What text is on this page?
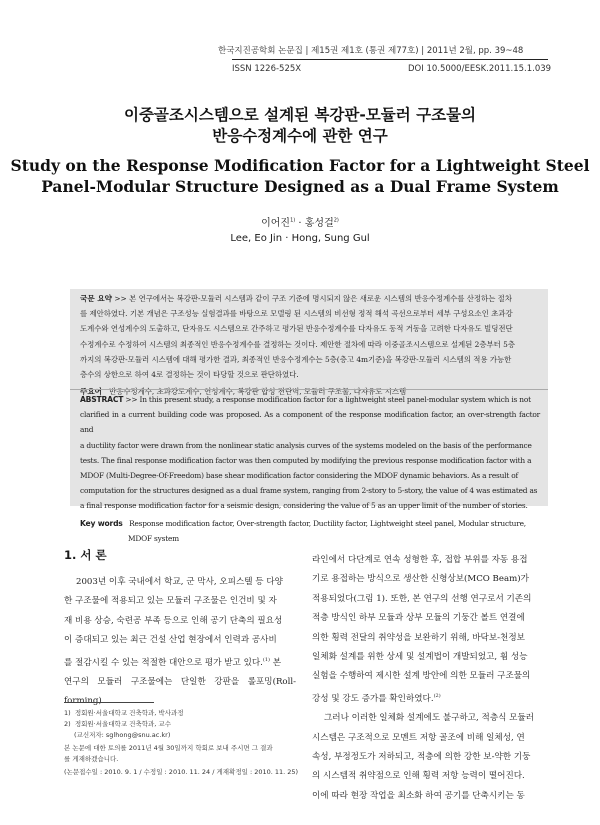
한국지진공학회 논문집 | 제15권 제1호 (통권 제77호) | 2011년 2월, pp. 39~48
ISSN 1226-525X	DOI 10.5000/EESK.2011.15.1.039
이중골조시스템으로 설계된 복강판-모듈러 구조물의
반응수정계수에 관한 연구
Study on the Response Modification Factor for a Lightweight Steel
Panel-Modular Structure Designed as a Dual Frame System
이어진$^{1)}$ · 홍성걸$^{2)}$
Lee, Eo Jin · Hong, Sung Gul
국문 요약 >> 본 연구에서는 복강판-모듈러 시스템과 같이 구조 기준에 명시되지 않은 새로운 시스템의 반응수정계수를 산정하는 절차
를 제안하였다. 기본 개념은 구조성능 실험결과를 바탕으로 모델링 된 시스템의 비선형 정적 해석 곡선으로부터 세부 구성요소인 초과강
도계수와 연성계수의 도출하고, 단자유도 시스템으로 간주하고 평가된 반응수정계수를 다자유도 동적 거동을 고려한 다자유도 빌딩전단
수정계수로 수정하여 시스템의 최종적인 반응수정계수를 결정하는 것이다. 제안한 절차에 따라 이중골조시스템으로 설계된 2층부터 5층
까지의 복강판-모듈러 시스템에 대해 평가한 결과, 최종적인 반응수정계수는 5층(층고 4m기준)을 복강판-모듈러 시스템의 적용 가능한
층수의 상한으로 하여 4로 결정하는 것이 타당할 것으로 판단하였다.
주요어 반응수정계수, 초과강도계수, 연성계수, 복강판 합성 전단벽, 모듈러 구조물, 다자유도 시스템
ABSTRACT >> In this present study, a response modification factor for a lightweight steel panel-modular system which is not
clarified in a current building code was proposed. As a component of the response modification factor, an over-strength factor and
a ductility factor were drawn from the nonlinear static analysis curves of the systems modeled on the basis of the performance
tests. The final response modification factor was then computed by modifying the previous response modification factor with a
MDOF (Multi-Degree-Of-Freedom) base shear modification factor considering the MDOF dynamic behaviors. As a result of
computation for the structures designed as a dual frame system, ranging from 2-story to 5-story, the value of 4 was estimated as
a final response modification factor for a seismic design, considering the value of 5 as an upper limit of the number of stories.
Key words Response modification factor, Over-strength factor, Ductility factor, Lightweight steel panel, Modular structure,
MDOF system
1. 서 론
2003년 이후 국내에서 학교, 군 막사, 오피스텔 등 다양
한 구조물에 적용되고 있는 모듈러 구조물은 인건비 및 자
재 비용 상승, 숙련공 부족 등으로 인해 공기 단축의 필요성
이 증대되고 있는 최근 건설 산업 현장에서 인력과 공사비
를 절감시킬 수 있는 적절한 대안으로 평가 받고 있다.$^{(1)}$ 본
연구의 모듈러 구조물에는 단일한 강판을 롤포밍(Roll-forming)
1) 정회원·서울대학교 건축학과, 박사과정
2) 정회원·서울대학교 건축학과, 교수
(교신저자: sglhong@snu.ac.kr)
본 논문에 대한 토의를 2011년 4월 30일까지 학회로 보내 주시면 그 결과
를 게재하겠습니다.
(논문접수일 : 2010. 9. 1 / 수정일 : 2010. 11. 24 / 게재확정일 : 2010. 11. 25)
라인에서 다단계로 연속 성형한 후, 접합 부위를 자동 용접
기로 용접하는 방식으로 생산한 신형상보(MCO Beam)가
적용되었다(그림 1). 또한, 본 연구의 선행 연구로서 기존의
적층 방식인 하부 모듈과 상부 모듈의 기둥간 볼트 연결에
의한 횡력 전달의 취약성을 보완하기 위해, 바닥보-천정보
일체화 설계를 위한 상세 및 설계법이 개발되었고, 휨 성능
실험을 수행하여 제시한 설계 방안에 의한 모듈러 구조물의
강성 및 강도 증가를 확인하였다.$^{(2)}$
그러나 이러한 일체화 설계에도 불구하고, 적층식 모듈러
시스템은 구조적으로 모멘트 저항 골조에 비해 일체성, 연
속성, 부정정도가 저하되고, 적층에 의한 강한 보-약한 기둥
의 시스템적 취약점으로 인해 횡력 저항 능력이 떨어진다.
이에 따라 현장 작업을 최소화 하여 공기를 단축시키는 동
